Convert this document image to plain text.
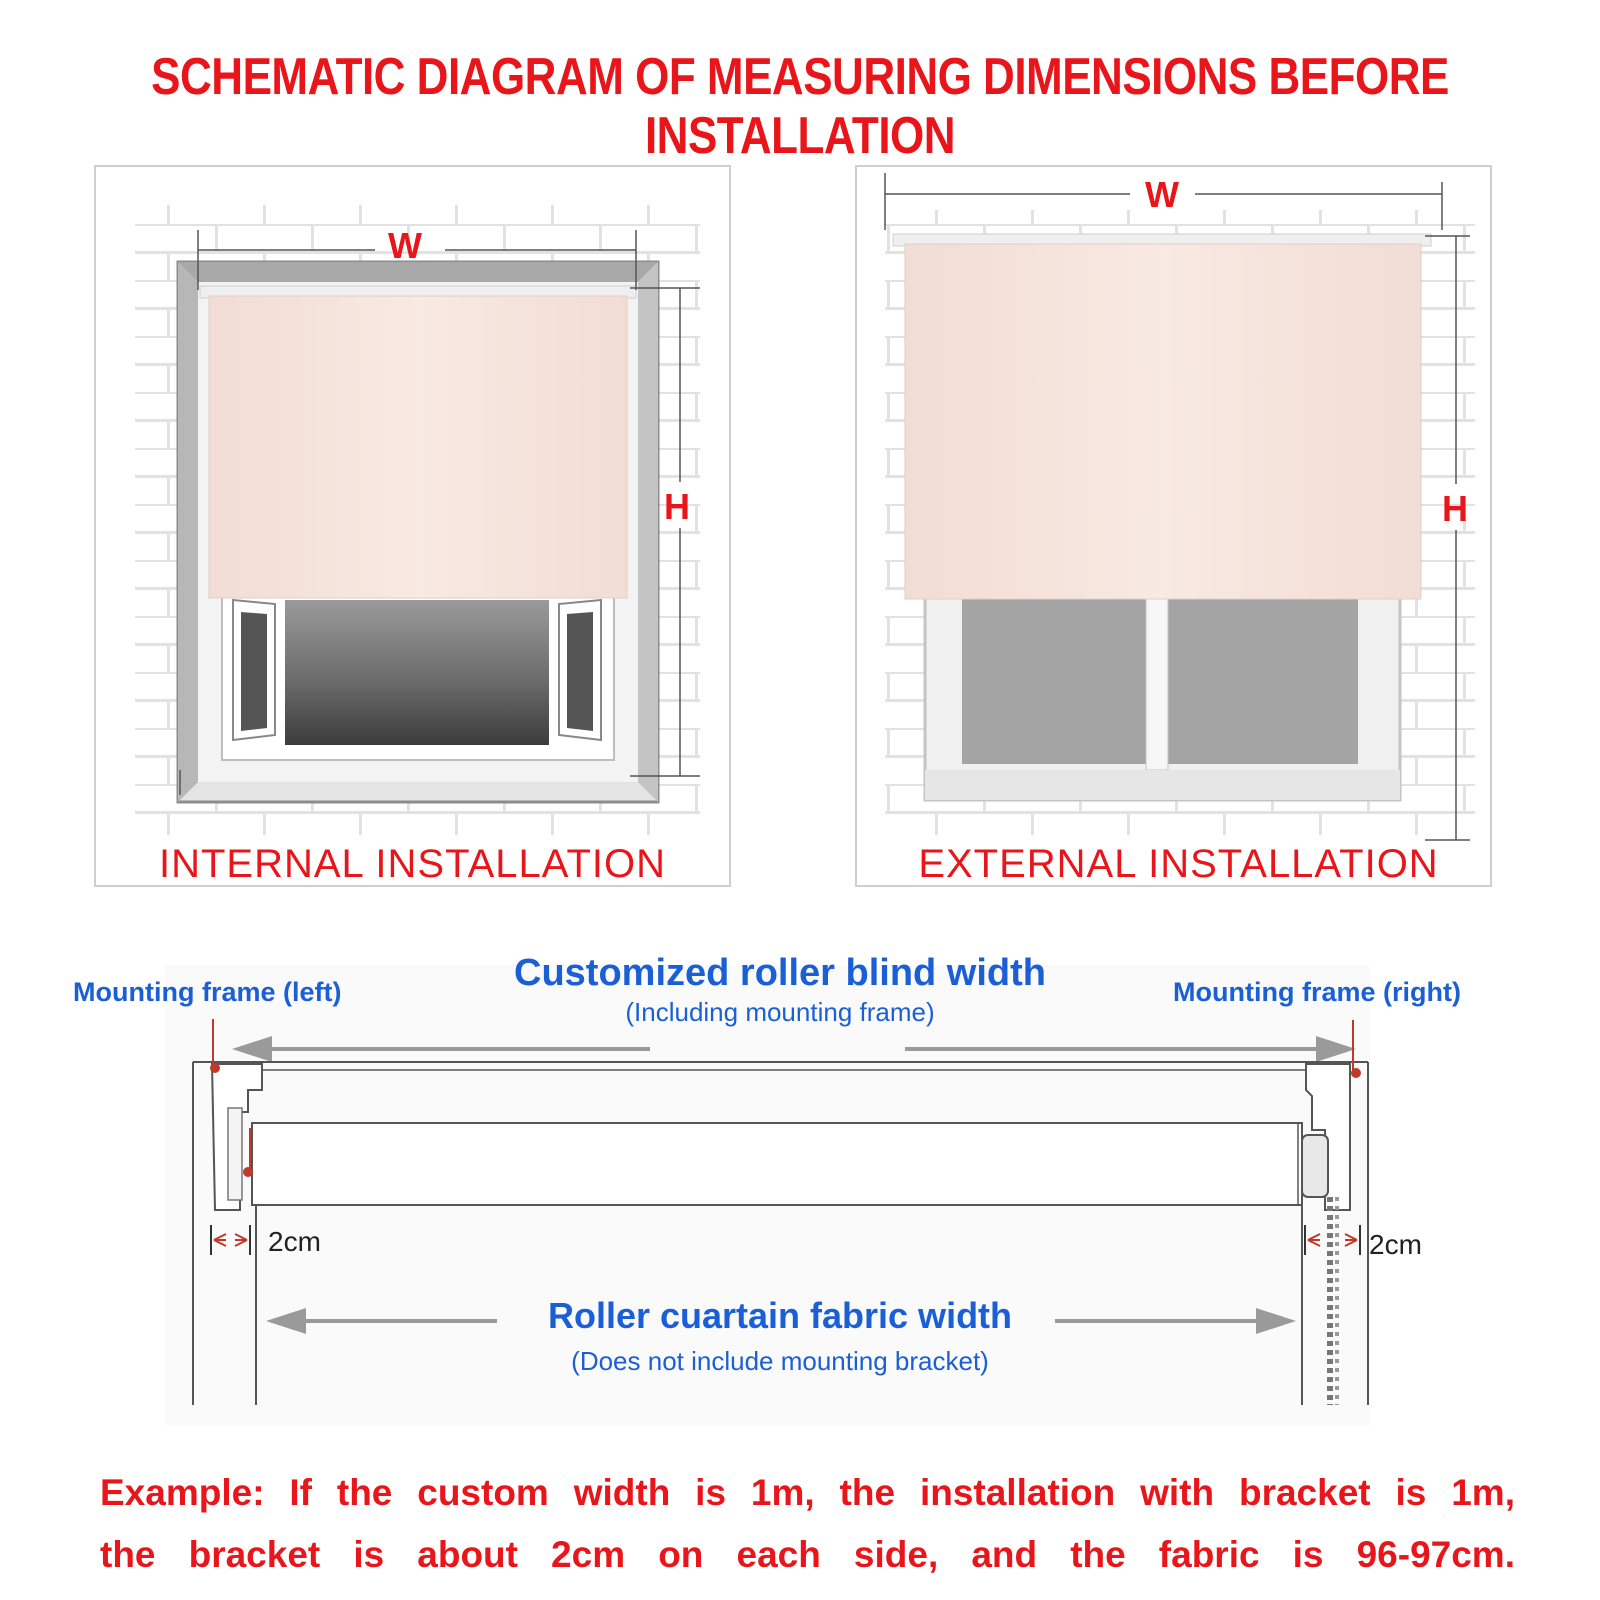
SCHEMATIC DIAGRAM OF MEASURING DIMENSIONS BEFORE INSTALLATION
W
H
INTERNAL INSTALLATION
W
H
EXTERNAL INSTALLATION
Customized roller blind width
(Including mounting frame)
Mounting frame (left)	Mounting frame (right)
2cm	2cm
Roller cuartain fabric width
(Does not include mounting bracket)
Example: If the custom width is 1m, the installation with bracket is 1m,
the bracket is about 2cm on each side, and the fabric is 96-97cm.
